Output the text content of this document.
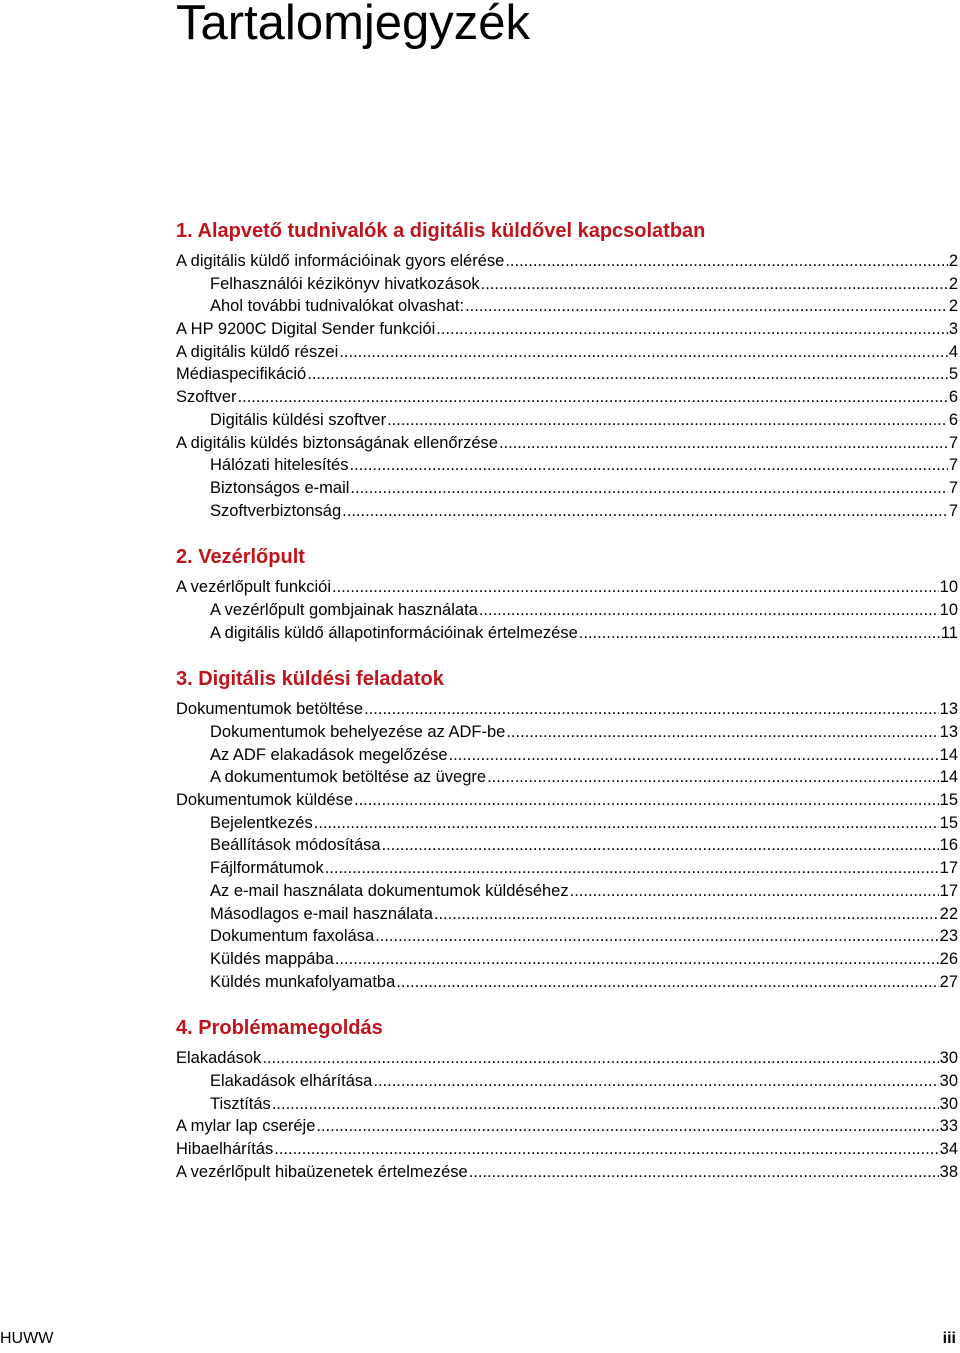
Tartalomjegyzék
1. Alapvető tudnivalók a digitális küldővel kapcsolatban
A digitális küldő információinak gyors elérése .....	2
Felhasználói kézikönyv hivatkozások .....	2
Ahol további tudnivalókat olvashat: .....	2
A HP 9200C Digital Sender funkciói .....	3
A digitális küldő részei .....	4
Médiaspecifikáció .....	5
Szoftver .....	6
Digitális küldési szoftver .....	6
A digitális küldés biztonságának ellenőrzése .....	7
Hálózati hitelesítés .....	7
Biztonságos e-mail .....	7
Szoftverbiztonság .....	7
2. Vezérlőpult
A vezérlőpult funkciói .....	10
A vezérlőpult gombjainak használata .....	10
A digitális küldő állapotinformációinak értelmezése .....	11
3. Digitális küldési feladatok
Dokumentumok betöltése .....	13
Dokumentumok behelyezése az ADF-be .....	13
Az ADF elakadások megelőzése .....	14
A dokumentumok betöltése az üvegre .....	14
Dokumentumok küldése .....	15
Bejelentkezés .....	15
Beállítások módosítása .....	16
Fájlformátumok .....	17
Az e-mail használata dokumentumok küldéséhez .....	17
Másodlagos e-mail használata .....	22
Dokumentum faxolása .....	23
Küldés mappába .....	26
Küldés munkafolyamatba .....	27
4. Problémamegoldás
Elakadások .....	30
Elakadások elhárítása .....	30
Tisztítás .....	30
A mylar lap cseréje .....	33
Hibaelhárítás .....	34
A vezérlőpult hibaüzenetek értelmezése .....	38
HUWW	iii
